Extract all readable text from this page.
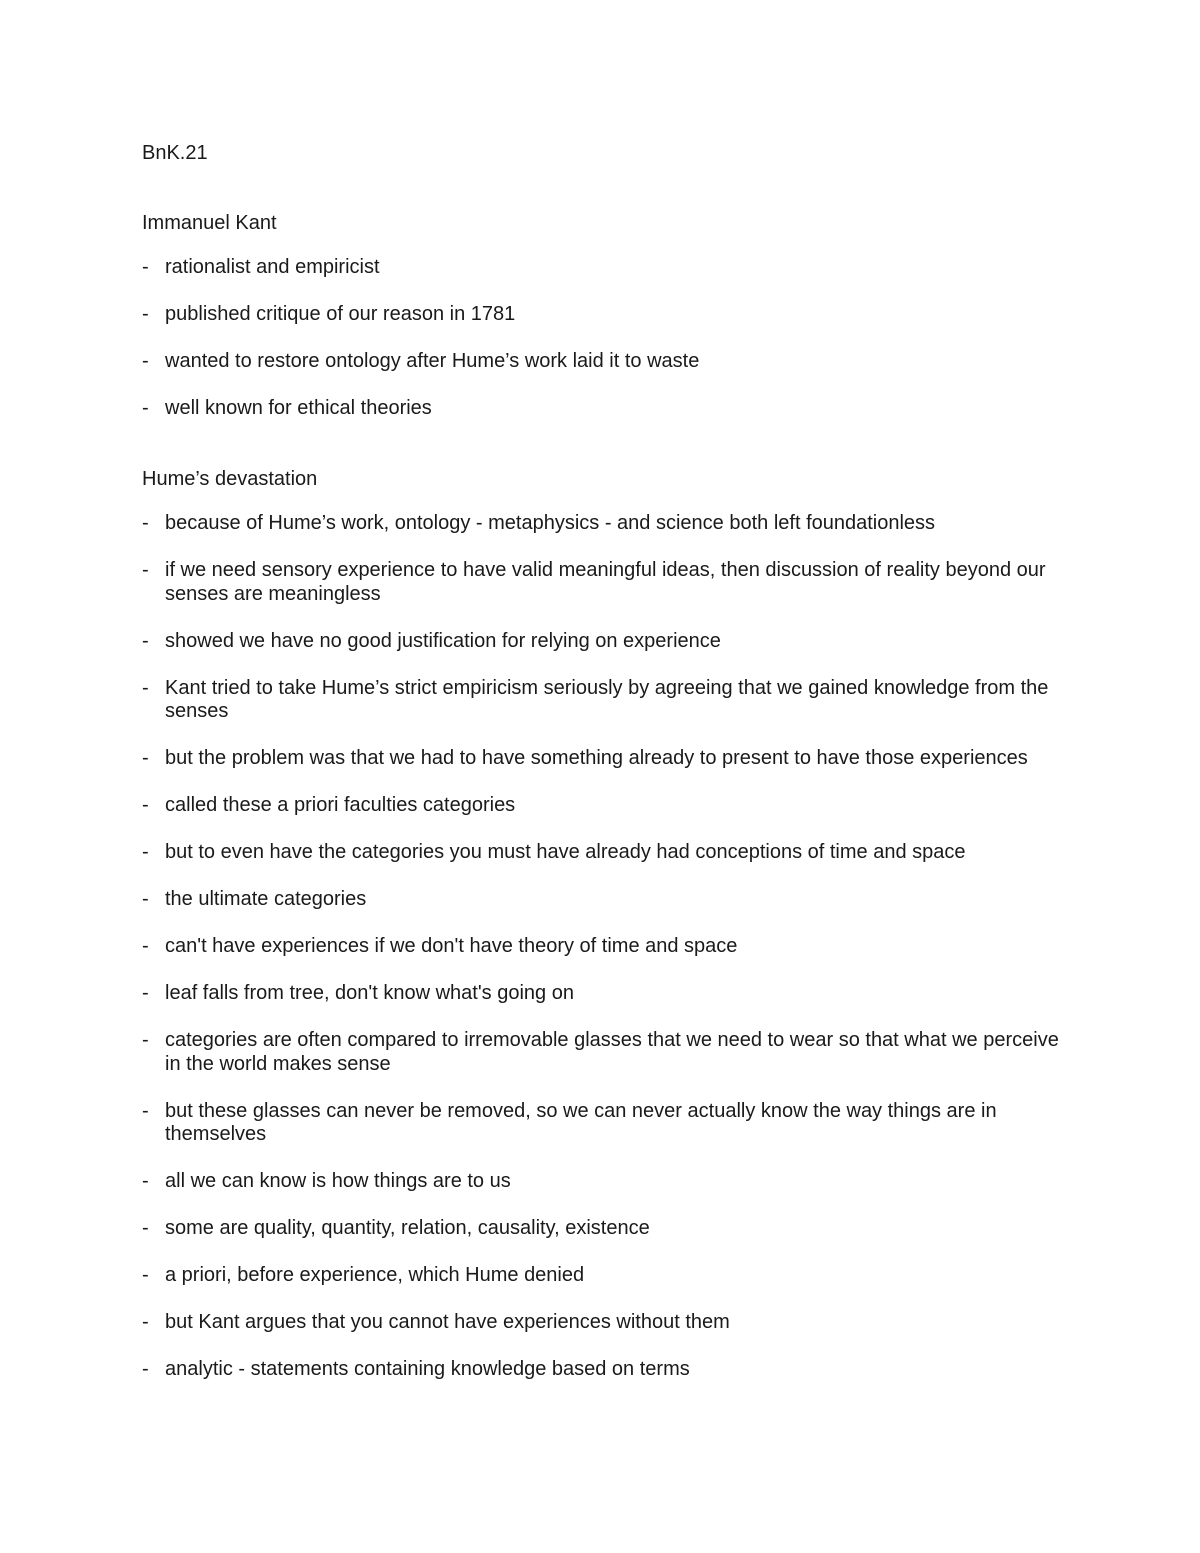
BnK.21
Immanuel Kant
- rationalist and empiricist
- published critique of our reason in 1781
- wanted to restore ontology after Hume’s work laid it to waste
- well known for ethical theories
Hume’s devastation
- because of Hume’s work, ontology - metaphysics - and science both left foundationless
- if we need sensory experience to have valid meaningful ideas, then discussion of reality beyond our senses are meaningless
- showed we have no good justification for relying on experience
- Kant tried to take Hume’s strict empiricism seriously by agreeing that we gained knowledge from the senses
- but the problem was that we had to have something already to present to have those experiences
- called these a priori faculties categories
- but to even have the categories you must have already had conceptions of time and space
- the ultimate categories
- can't have experiences if we don't have theory of time and space
- leaf falls from tree, don't know what's going on
- categories are often compared to irremovable glasses that we need to wear so that what we perceive in the world makes sense
- but these glasses can never be removed, so we can never actually know the way things are in themselves
- all we can know is how things are to us
- some are quality, quantity, relation, causality, existence
- a priori, before experience, which Hume denied
- but Kant argues that you cannot have experiences without them
- analytic - statements containing knowledge based on terms
